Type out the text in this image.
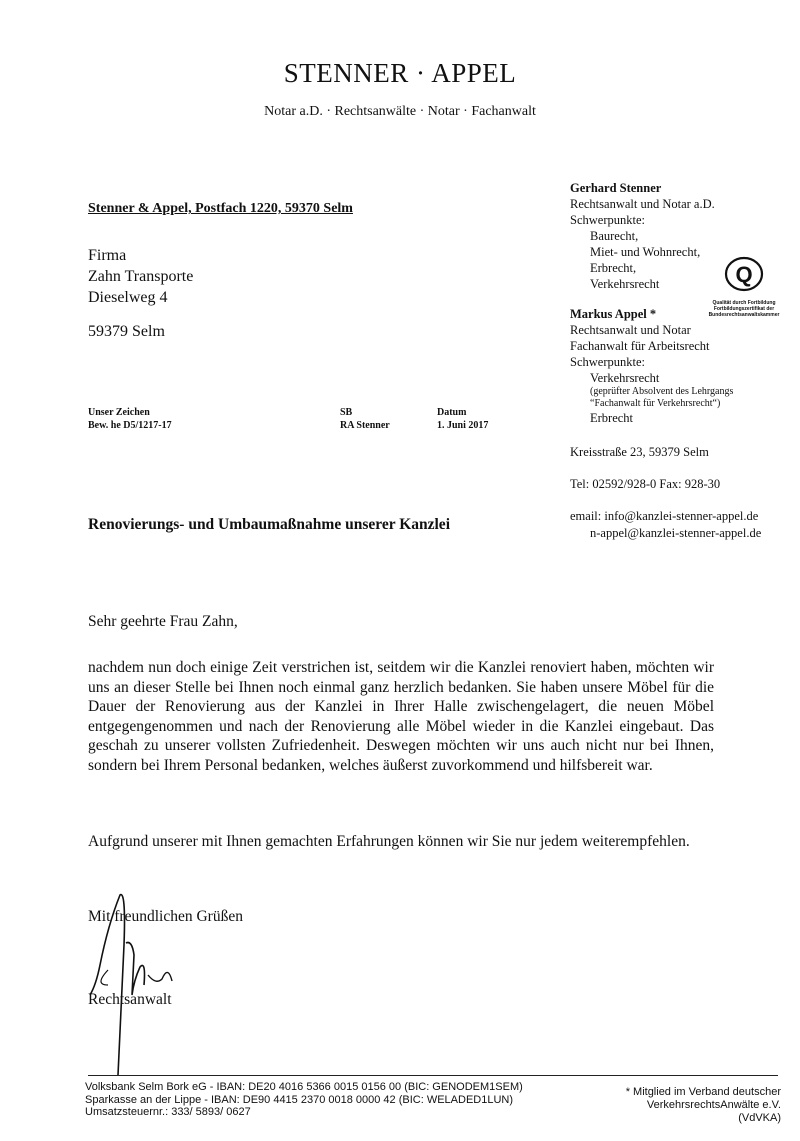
STENNER · APPEL
Notar a.D. · Rechtsanwälte · Notar · Fachanwalt
Stenner & Appel, Postfach 1220, 59370 Selm
Firma
Zahn Transporte
Dieselweg 4
59379 Selm
Unser Zeichen
Bew. he D5/1217-17
SB
RA Stenner
Datum
1. Juni 2017
Gerhard Stenner
Rechtsanwalt und Notar a.D.
Schwerpunkte:
Baurecht,
Miet- und Wohnrecht,
Erbrecht,
Verkehrsrecht	Q
Qualität durch Fortbildung
Fortbildungszertifikat der
Bundesrechtsanwaltskammer
Markus Appel *
Rechtsanwalt und Notar
Fachanwalt für Arbeitsrecht
Schwerpunkte:
Verkehrsrecht
(geprüfter Absolvent des Lehrgangs
“Fachanwalt für Verkehrsrecht“)
Erbrecht
Kreisstraße 23, 59379 Selm
Tel: 02592/928-0 Fax: 928-30
email: info@kanzlei-stenner-appel.de
n-appel@kanzlei-stenner-appel.de
Renovierungs- und Umbaumaßnahme unserer Kanzlei
Sehr geehrte Frau Zahn,

nachdem nun doch einige Zeit verstrichen ist, seitdem wir die Kanzlei renoviert haben, möchten wir uns an dieser Stelle bei Ihnen noch einmal ganz herzlich bedanken. Sie haben unsere Möbel für die Dauer der Renovierung aus der Kanzlei in Ihrer Halle zwischengelagert, die neuen Möbel entgegengenommen und nach der Renovierung alle Möbel wieder in die Kanzlei eingebaut. Das geschah zu unserer vollsten Zufriedenheit. Deswegen möchten wir uns auch nicht nur bei Ihnen, sondern bei Ihrem Personal bedanken, welches äußerst zuvorkommend und hilfsbereit war.

Aufgrund unserer mit Ihnen gemachten Erfahrungen können wir Sie nur jedem weiterempfehlen.

Mit freundlichen Grüßen
Rechtsanwalt
Volksbank Selm Bork eG - IBAN: DE20 4016 5366 0015 0156 00 (BIC: GENODEM1SEM)
Sparkasse an der Lippe - IBAN: DE90 4415 2370 0018 0000 42 (BIC: WELADED1LUN)
Umsatzsteuernr.: 333/ 5893/ 0627
* Mitglied im Verband deutscher
VerkehrsrechtsAnwälte e.V. (VdVKA)
